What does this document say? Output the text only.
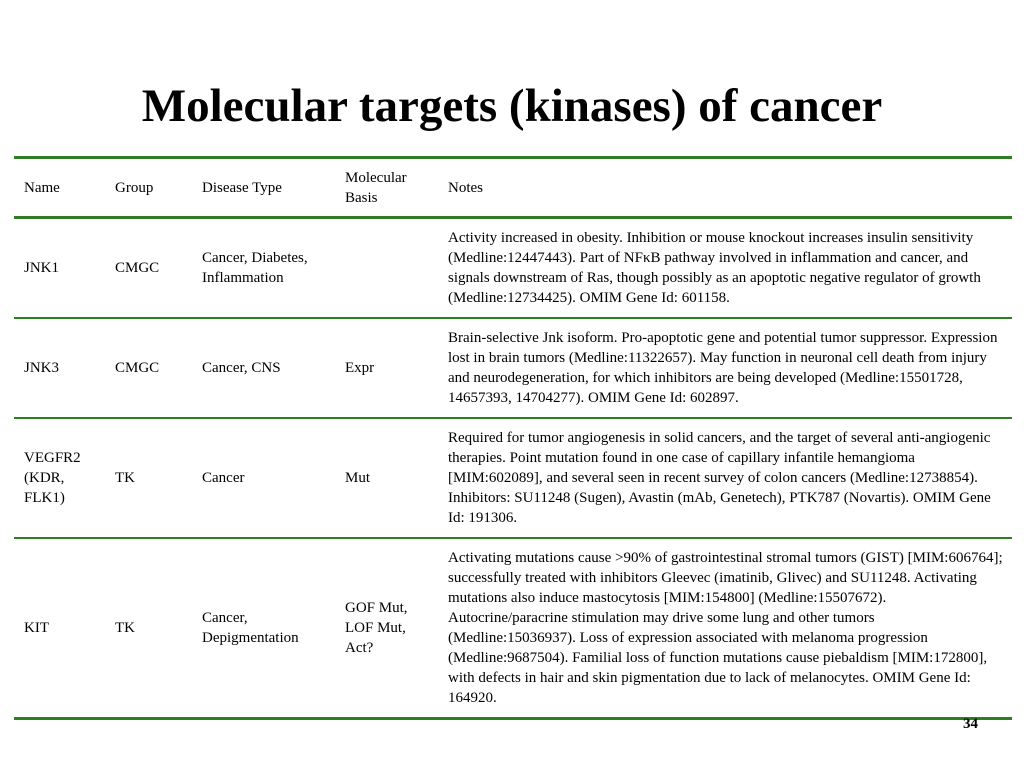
Molecular targets (kinases) of cancer
Name	Group	Disease Type	Molecular Basis	Notes
JNK1	CMGC	Cancer, Diabetes, Inflammation		Activity increased in obesity. Inhibition or mouse knockout increases insulin sensitivity (Medline:12447443). Part of NFκB pathway involved in inflammation and cancer, and signals downstream of Ras, though possibly as an apoptotic negative regulator of growth (Medline:12734425). OMIM Gene Id: 601158.
JNK3	CMGC	Cancer, CNS	Expr	Brain-selective Jnk isoform. Pro-apoptotic gene and potential tumor suppressor. Expression lost in brain tumors (Medline:11322657). May function in neuronal cell death from injury and neurodegeneration, for which inhibitors are being developed (Medline:15501728, 14657393, 14704277). OMIM Gene Id: 602897.
VEGFR2 (KDR, FLK1)	TK	Cancer	Mut	Required for tumor angiogenesis in solid cancers, and the target of several anti-angiogenic therapies. Point mutation found in one case of capillary infantile hemangioma [MIM:602089], and several seen in recent survey of colon cancers (Medline:12738854). Inhibitors: SU11248 (Sugen), Avastin (mAb, Genetech), PTK787 (Novartis). OMIM Gene Id: 191306.
KIT	TK	Cancer, Depigmentation	GOF Mut, LOF Mut, Act?	Activating mutations cause >90% of gastrointestinal stromal tumors (GIST) [MIM:606764]; successfully treated with inhibitors Gleevec (imatinib, Glivec) and SU11248. Activating mutations also induce mastocytosis [MIM:154800] (Medline:15507672). Autocrine/paracrine stimulation may drive some lung and other tumors (Medline:15036937). Loss of expression associated with melanoma progression (Medline:9687504). Familial loss of function mutations cause piebaldism [MIM:172800], with defects in hair and skin pigmentation due to lack of melanocytes. OMIM Gene Id: 164920.
34
